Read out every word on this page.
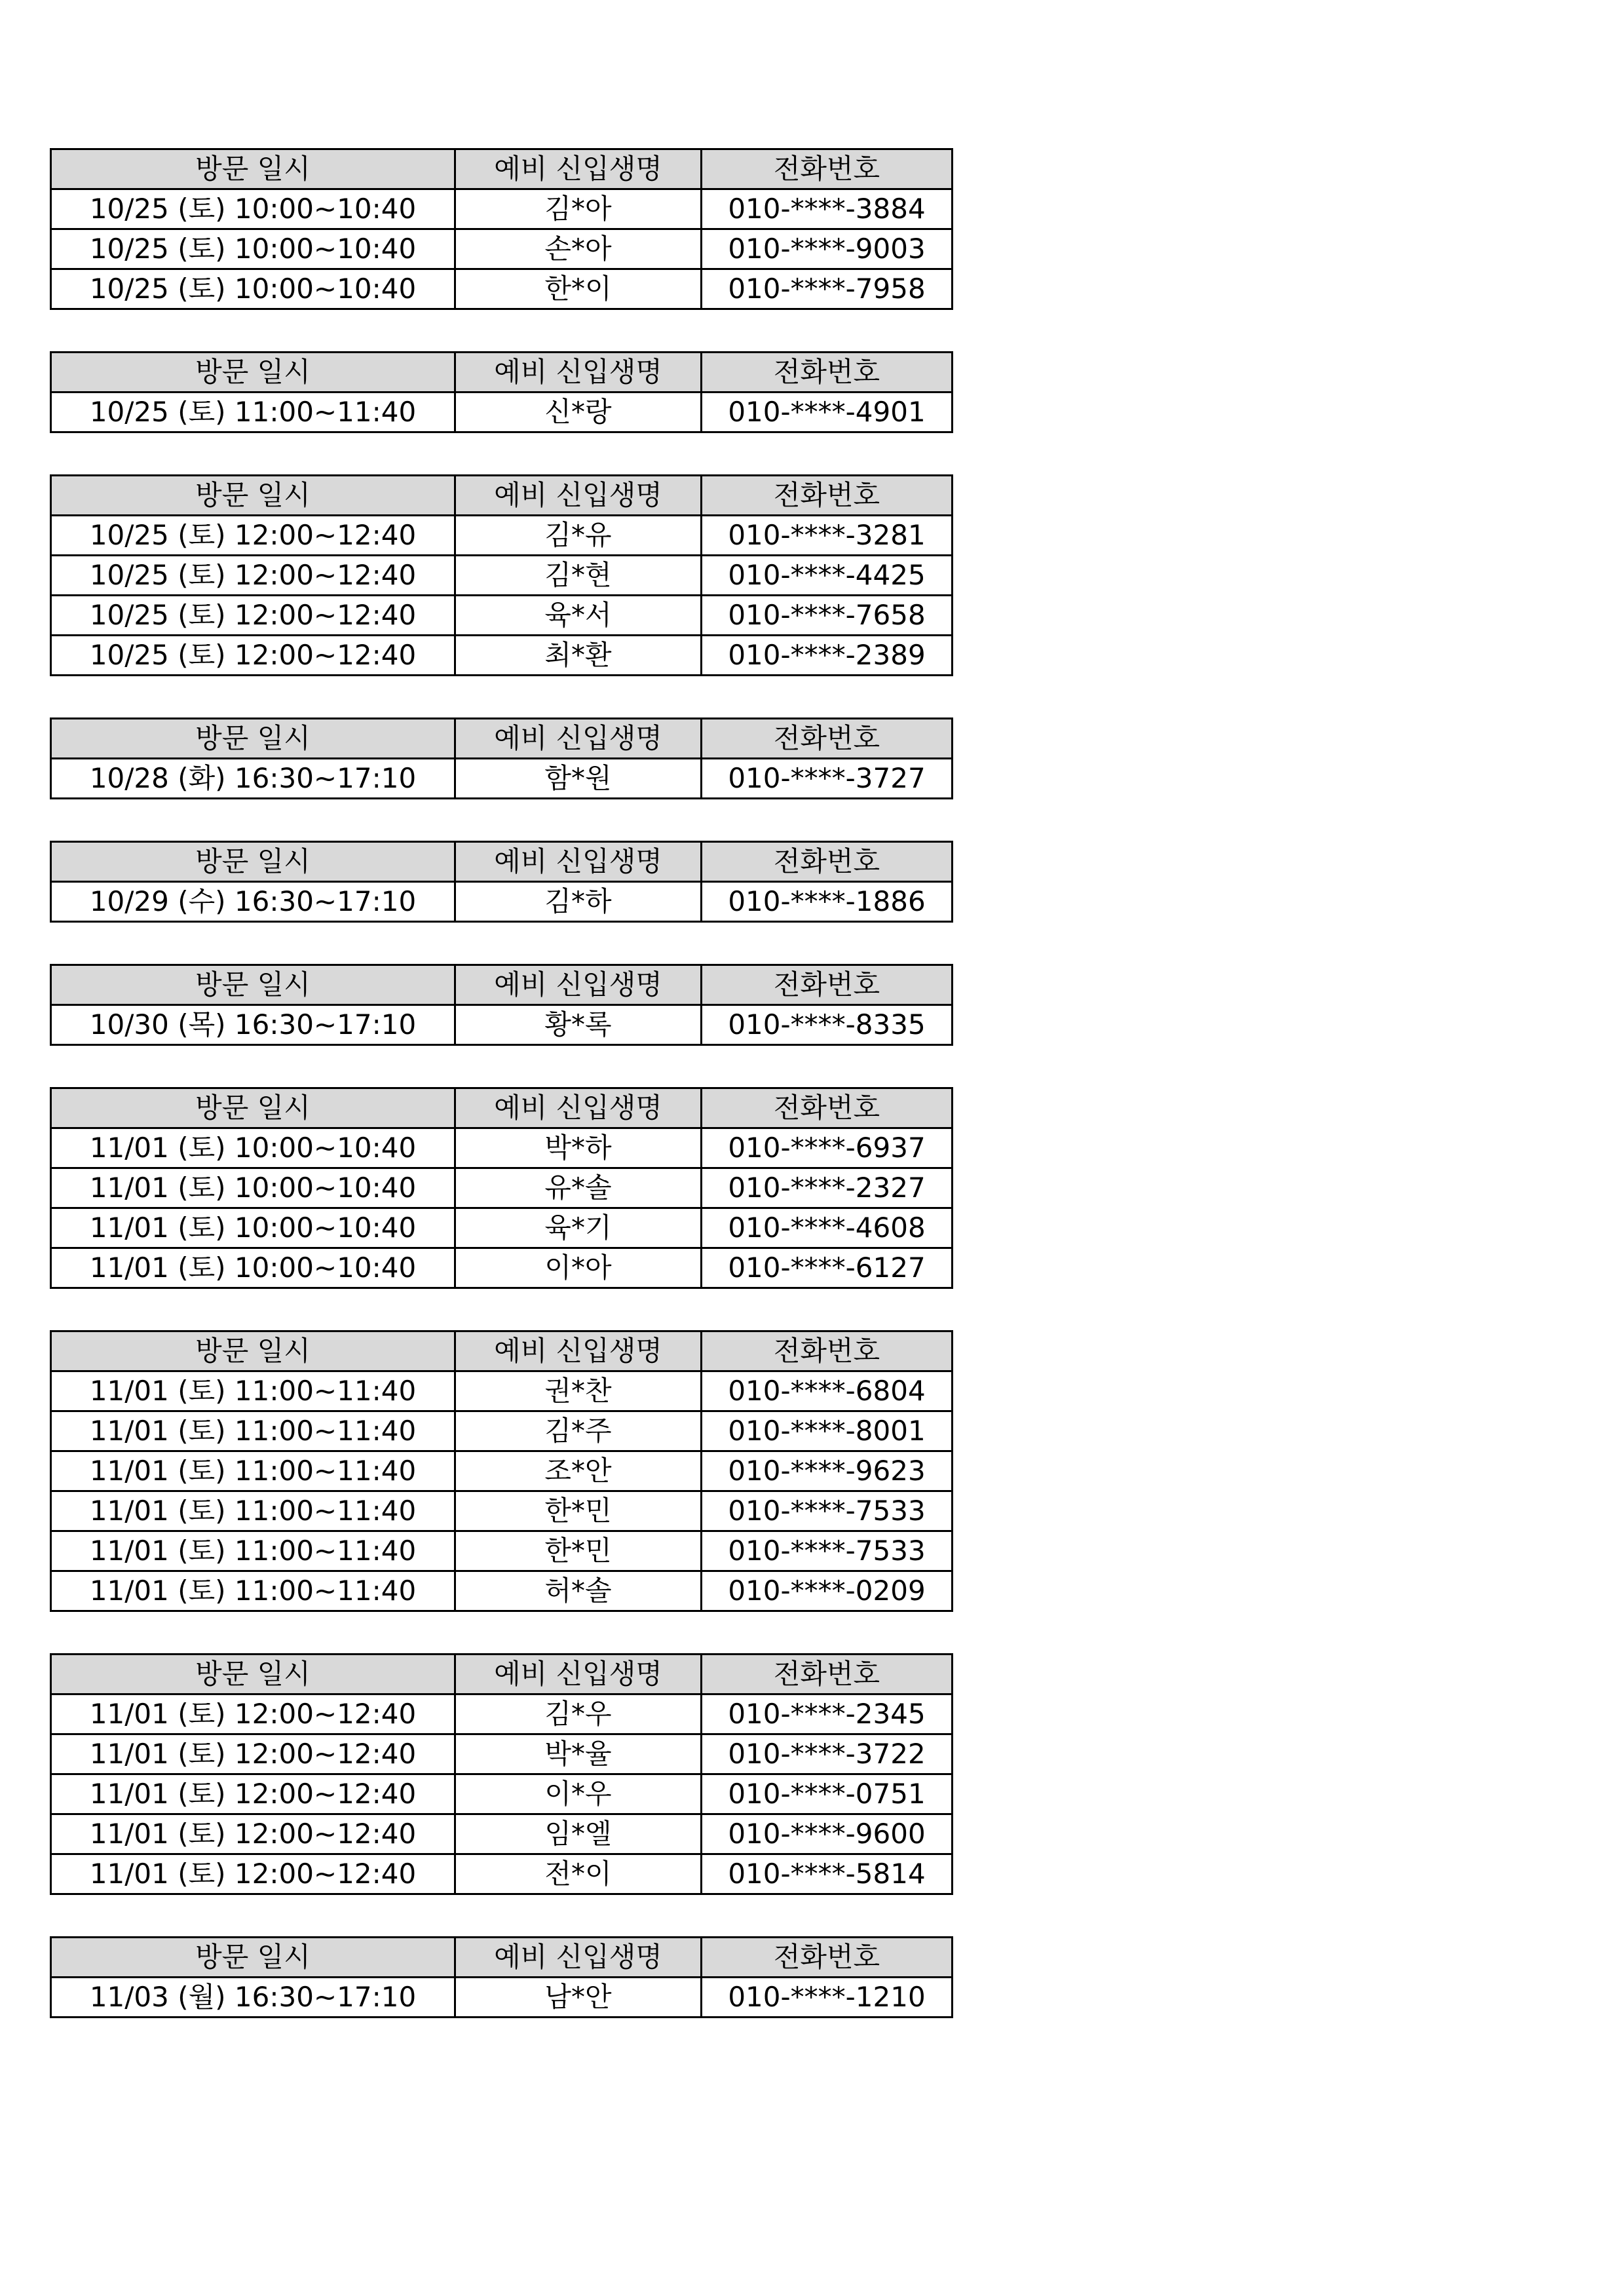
방문 일시	예비 신입생명	전화번호
10/25 (토) 10:00~10:40	김*아	010-****-3884
10/25 (토) 10:00~10:40	손*아	010-****-9003
10/25 (토) 10:00~10:40	한*이	010-****-7958
방문 일시	예비 신입생명	전화번호
10/25 (토) 11:00~11:40	신*랑	010-****-4901
방문 일시	예비 신입생명	전화번호
10/25 (토) 12:00~12:40	김*유	010-****-3281
10/25 (토) 12:00~12:40	김*현	010-****-4425
10/25 (토) 12:00~12:40	육*서	010-****-7658
10/25 (토) 12:00~12:40	최*환	010-****-2389
방문 일시	예비 신입생명	전화번호
10/28 (화) 16:30~17:10	함*원	010-****-3727
방문 일시	예비 신입생명	전화번호
10/29 (수) 16:30~17:10	김*하	010-****-1886
방문 일시	예비 신입생명	전화번호
10/30 (목) 16:30~17:10	황*록	010-****-8335
방문 일시	예비 신입생명	전화번호
11/01 (토) 10:00~10:40	박*하	010-****-6937
11/01 (토) 10:00~10:40	유*솔	010-****-2327
11/01 (토) 10:00~10:40	육*기	010-****-4608
11/01 (토) 10:00~10:40	이*아	010-****-6127
방문 일시	예비 신입생명	전화번호
11/01 (토) 11:00~11:40	권*찬	010-****-6804
11/01 (토) 11:00~11:40	김*주	010-****-8001
11/01 (토) 11:00~11:40	조*안	010-****-9623
11/01 (토) 11:00~11:40	한*민	010-****-7533
11/01 (토) 11:00~11:40	한*민	010-****-7533
11/01 (토) 11:00~11:40	허*솔	010-****-0209
방문 일시	예비 신입생명	전화번호
11/01 (토) 12:00~12:40	김*우	010-****-2345
11/01 (토) 12:00~12:40	박*율	010-****-3722
11/01 (토) 12:00~12:40	이*우	010-****-0751
11/01 (토) 12:00~12:40	임*엘	010-****-9600
11/01 (토) 12:00~12:40	전*이	010-****-5814
방문 일시	예비 신입생명	전화번호
11/03 (월) 16:30~17:10	남*안	010-****-1210
